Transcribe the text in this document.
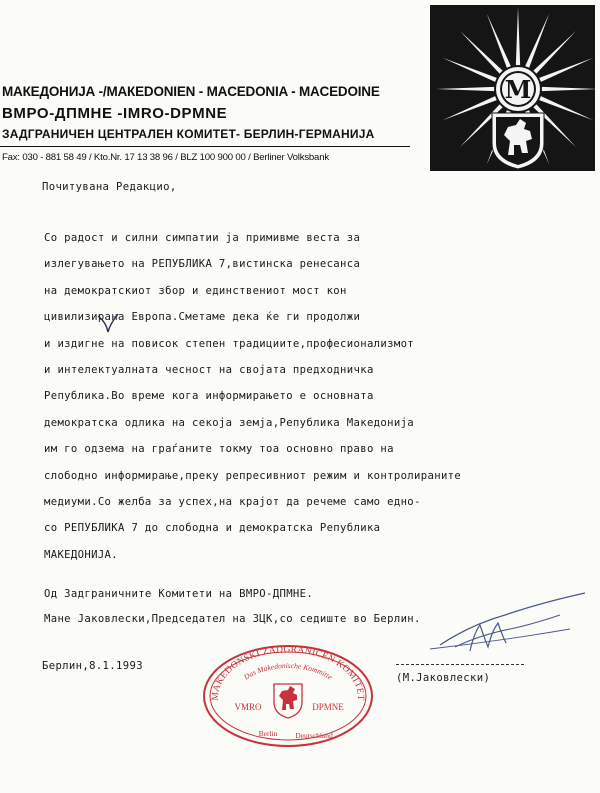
МАКЕДОНИЈА -/МАКЕDONIEN - MACEDONIA - MACEDOINE
ВМРО-ДПМНЕ -IMRO-DPMNE
ЗАДГРАНИЧЕН ЦЕНТРАЛЕН КОМИТЕТ- БЕРЛИН-ГЕРМАНИЈА
Fax: 030 - 881 58 49 / Kto.Nr. 17 13 38 96 / BLZ 100 900 00 / Berliner Volksbank
M
Почитувана Редакцио,
Со радост и силни симпатии ја примивме веста за
излегувањето на РЕПУБЛИКА 7,вистинска ренесанса
на демократскиот збор и единствениот мост кон
цивилизирана Европа.Сметаме дека ќе ги продолжи
и издигне на повисок степен традициите,професионализмот
и интелектуалната чесност на својата предходничка
Република.Во време кога информирањето е основната
демократска одлика на секоја земја,Република Македонија
им го одзема на граѓаните токму тоа основно право на
слободно информирање,преку репресивниот режим и контролираните
медиуми.Со желба за успех,на крајот да речеме само едно-
со РЕПУБЛИКА 7 до слободна и демократска Република
МАКЕДОНИЈА.
Од Задграничните Комитети на ВМРО-ДПМНЕ.
Мане Јаковлески,Председател на ЗЦК,со седиште во Берлин.
Берлин,8.1.1993
(М.Јаковлески)
MAKEDONSKI ZADGRANIČEN KOMITET
Das Makedonische Kommitte
VMRO	DPMNE
Berlin Deutschland
